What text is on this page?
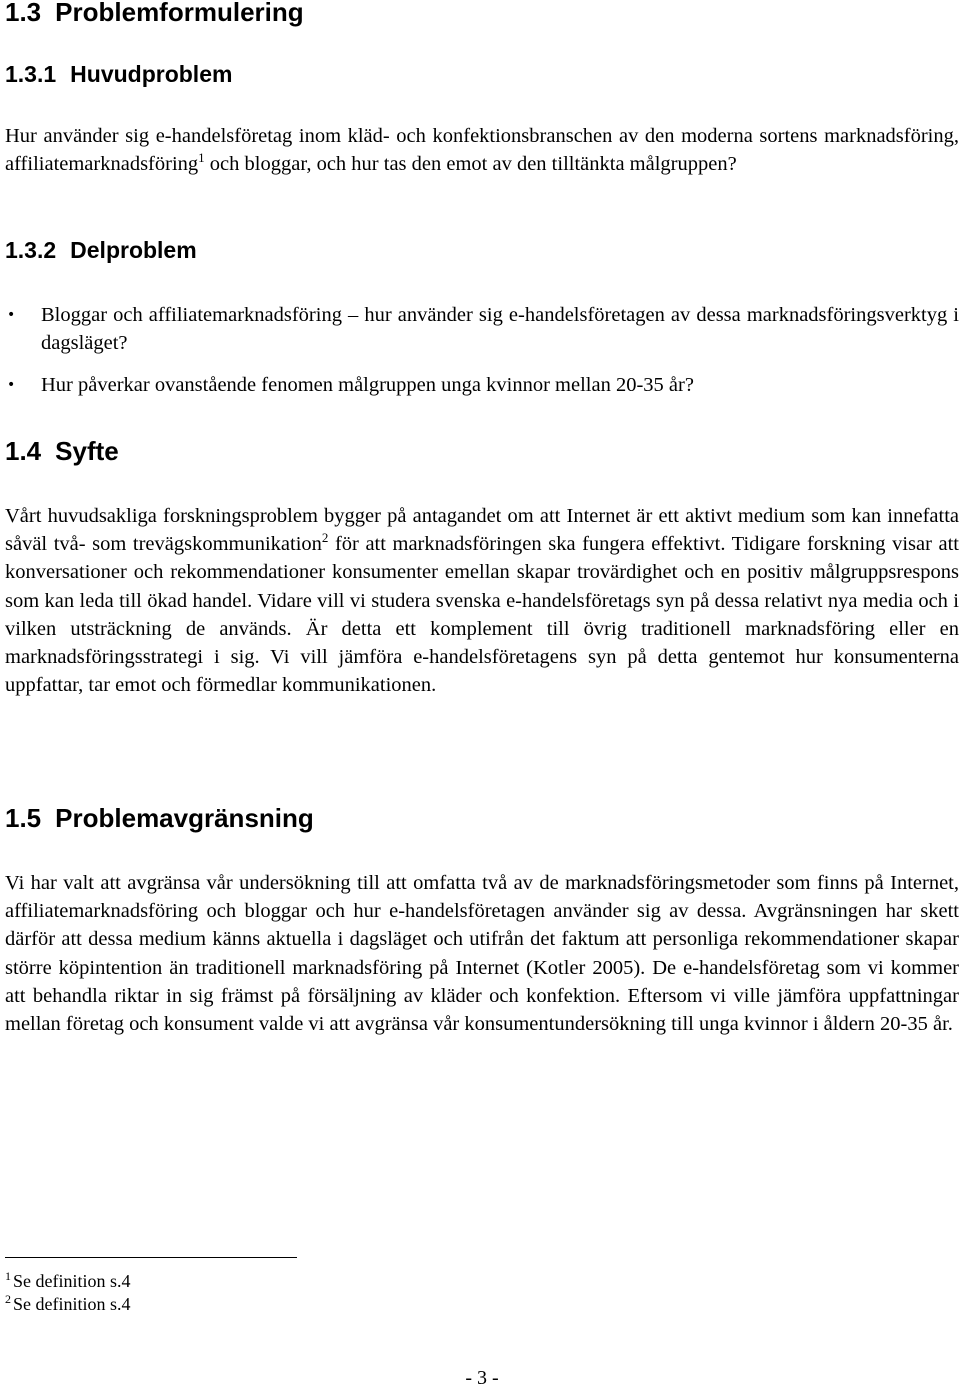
1.3 Problemformulering
1.3.1 Huvudproblem

Hur använder sig e-handelsföretag inom kläd- och konfektionsbranschen av den moderna sortens marknadsföring, affiliatemarknadsföring$^1$ och bloggar, och hur tas den emot av den tilltänkta målgruppen?

1.3.2 Delproblem
•
Bloggar och affiliatemarknadsföring – hur använder sig e-handelsföretagen av dessa marknadsföringsverktyg i dagsläget?
•
Hur påverkar ovanstående fenomen målgruppen unga kvinnor mellan 20-35 år?
1.4 Syfte

Vårt huvudsakliga forskningsproblem bygger på antagandet om att Internet är ett aktivt medium som kan innefatta såväl två- som trevägskommunikation$^2$ för att marknadsföringen ska fungera effektivt. Tidigare forskning visar att konversationer och rekommendationer konsumenter emellan skapar trovärdighet och en positiv målgruppsrespons som kan leda till ökad handel. Vidare vill vi studera svenska e-handelsföretags syn på dessa relativt nya media och i vilken utsträckning de används. Är detta ett komplement till övrig traditionell marknadsföring eller en marknadsföringsstrategi i sig. Vi vill jämföra e-handelsföretagens syn på detta gentemot hur konsumenterna uppfattar, tar emot och förmedlar kommunikationen.

1.5 Problemavgränsning

Vi har valt att avgränsa vår undersökning till att omfatta två av de marknadsföringsmetoder som finns på Internet, affiliatemarknadsföring och bloggar och hur e-handelsföretagen använder sig av dessa. Avgränsningen har skett därför att dessa medium känns aktuella i dagsläget och utifrån det faktum att personliga rekommendationer skapar större köpintention än traditionell marknadsföring på Internet (Kotler 2005). De e-handelsföretag som vi kommer att behandla riktar in sig främst på försäljning av kläder och konfektion. Eftersom vi ville jämföra uppfattningar mellan företag och konsument valde vi att avgränsa vår konsumentundersökning till unga kvinnor i åldern 20-35 år.

$^1$ Se definition s.4
$^2$ Se definition s.4
- 3 -
